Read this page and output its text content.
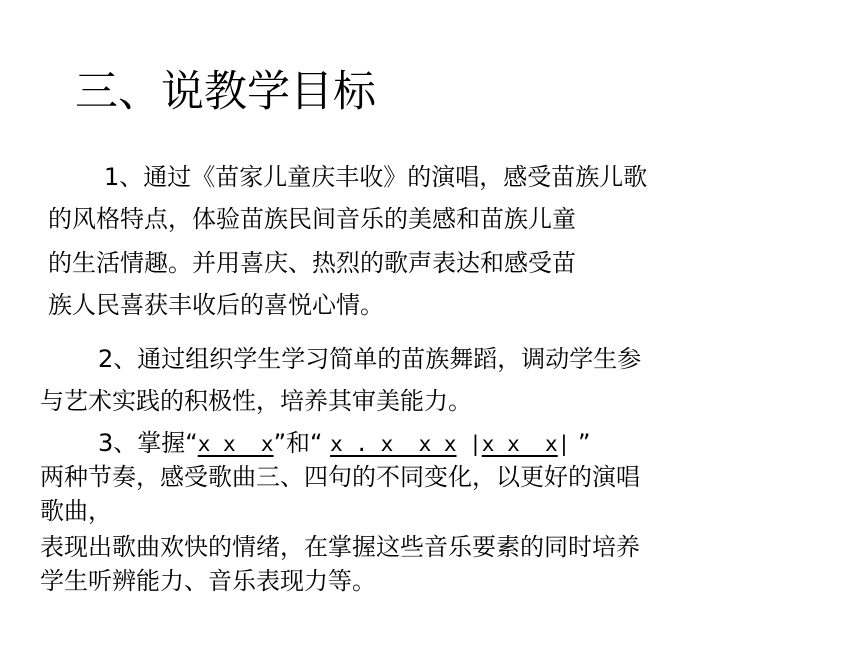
三、说教学目标
1、通过《苗家儿童庆丰收》的演唱，感受苗族儿歌
的风格特点，体验苗族民间音乐的美感和苗族儿童
的生活情趣。并用喜庆、热烈的歌声表达和感受苗
族人民喜获丰收后的喜悦心情。
2、通过组织学生学习简单的苗族舞蹈，调动学生参
与艺术实践的积极性，培养其审美能力。
3、掌握“x x  x”和“ x . x  x x |x x  x| ”
两种节奏，感受歌曲三、四句的不同变化，以更好的演唱
歌曲，
表现出歌曲欢快的情绪，在掌握这些音乐要素的同时培养
学生听辨能力、音乐表现力等。
